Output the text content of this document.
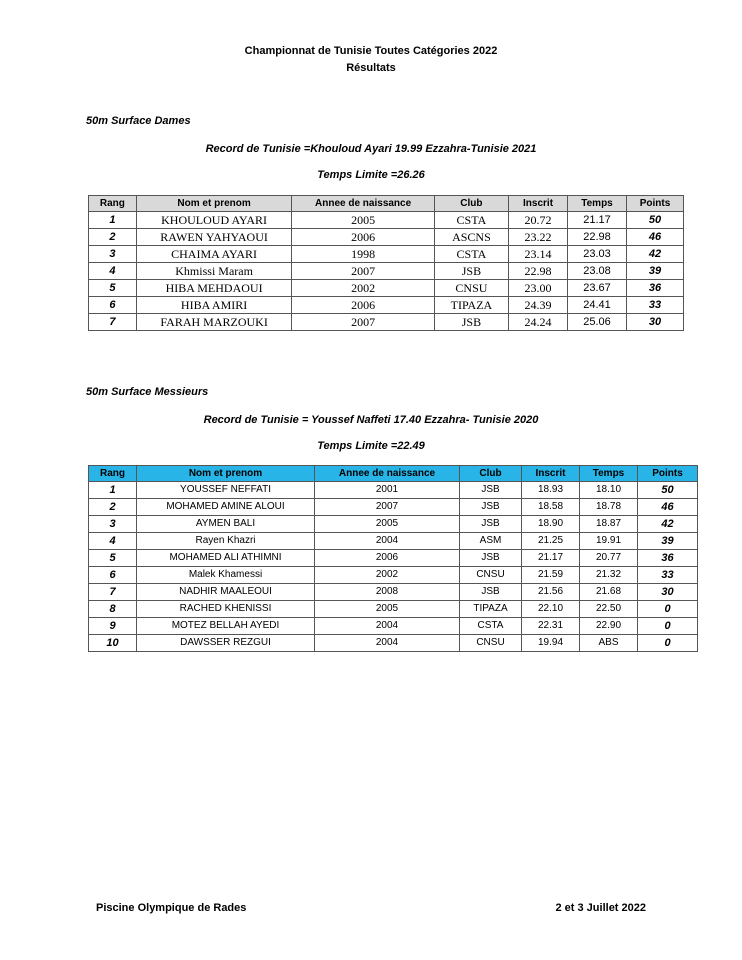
Championnat de Tunisie Toutes Catégories 2022
Résultats
50m Surface Dames
Record de Tunisie =Khouloud Ayari 19.99 Ezzahra-Tunisie 2021
Temps Limite =26.26
Rang	Nom et prenom	Annee de naissance	Club	Inscrit	Temps	Points
1	KHOULOUD AYARI	2005	CSTA	20.72	21.17	50
2	RAWEN YAHYAOUI	2006	ASCNS	23.22	22.98	46
3	CHAIMA AYARI	1998	CSTA	23.14	23.03	42
4	Khmissi Maram	2007	JSB	22.98	23.08	39
5	HIBA MEHDAOUI	2002	CNSU	23.00	23.67	36
6	HIBA AMIRI	2006	TIPAZA	24.39	24.41	33
7	FARAH MARZOUKI	2007	JSB	24.24	25.06	30
50m Surface Messieurs
Record de Tunisie = Youssef Naffeti 17.40 Ezzahra- Tunisie 2020
Temps Limite =22.49
Rang	Nom et prenom	Annee de naissance	Club	Inscrit	Temps	Points
1	YOUSSEF NEFFATI	2001	JSB	18.93	18.10	50
2	MOHAMED AMINE ALOUI	2007	JSB	18.58	18.78	46
3	AYMEN BALI	2005	JSB	18.90	18.87	42
4	Rayen Khazri	2004	ASM	21.25	19.91	39
5	MOHAMED ALI ATHIMNI	2006	JSB	21.17	20.77	36
6	Malek Khamessi	2002	CNSU	21.59	21.32	33
7	NADHIR MAALEOUI	2008	JSB	21.56	21.68	30
8	RACHED KHENISSI	2005	TIPAZA	22.10	22.50	0
9	MOTEZ BELLAH AYEDI	2004	CSTA	22.31	22.90	0
10	DAWSSER REZGUI	2004	CNSU	19.94	ABS	0
Piscine Olympique de Rades	2 et 3 Juillet 2022
